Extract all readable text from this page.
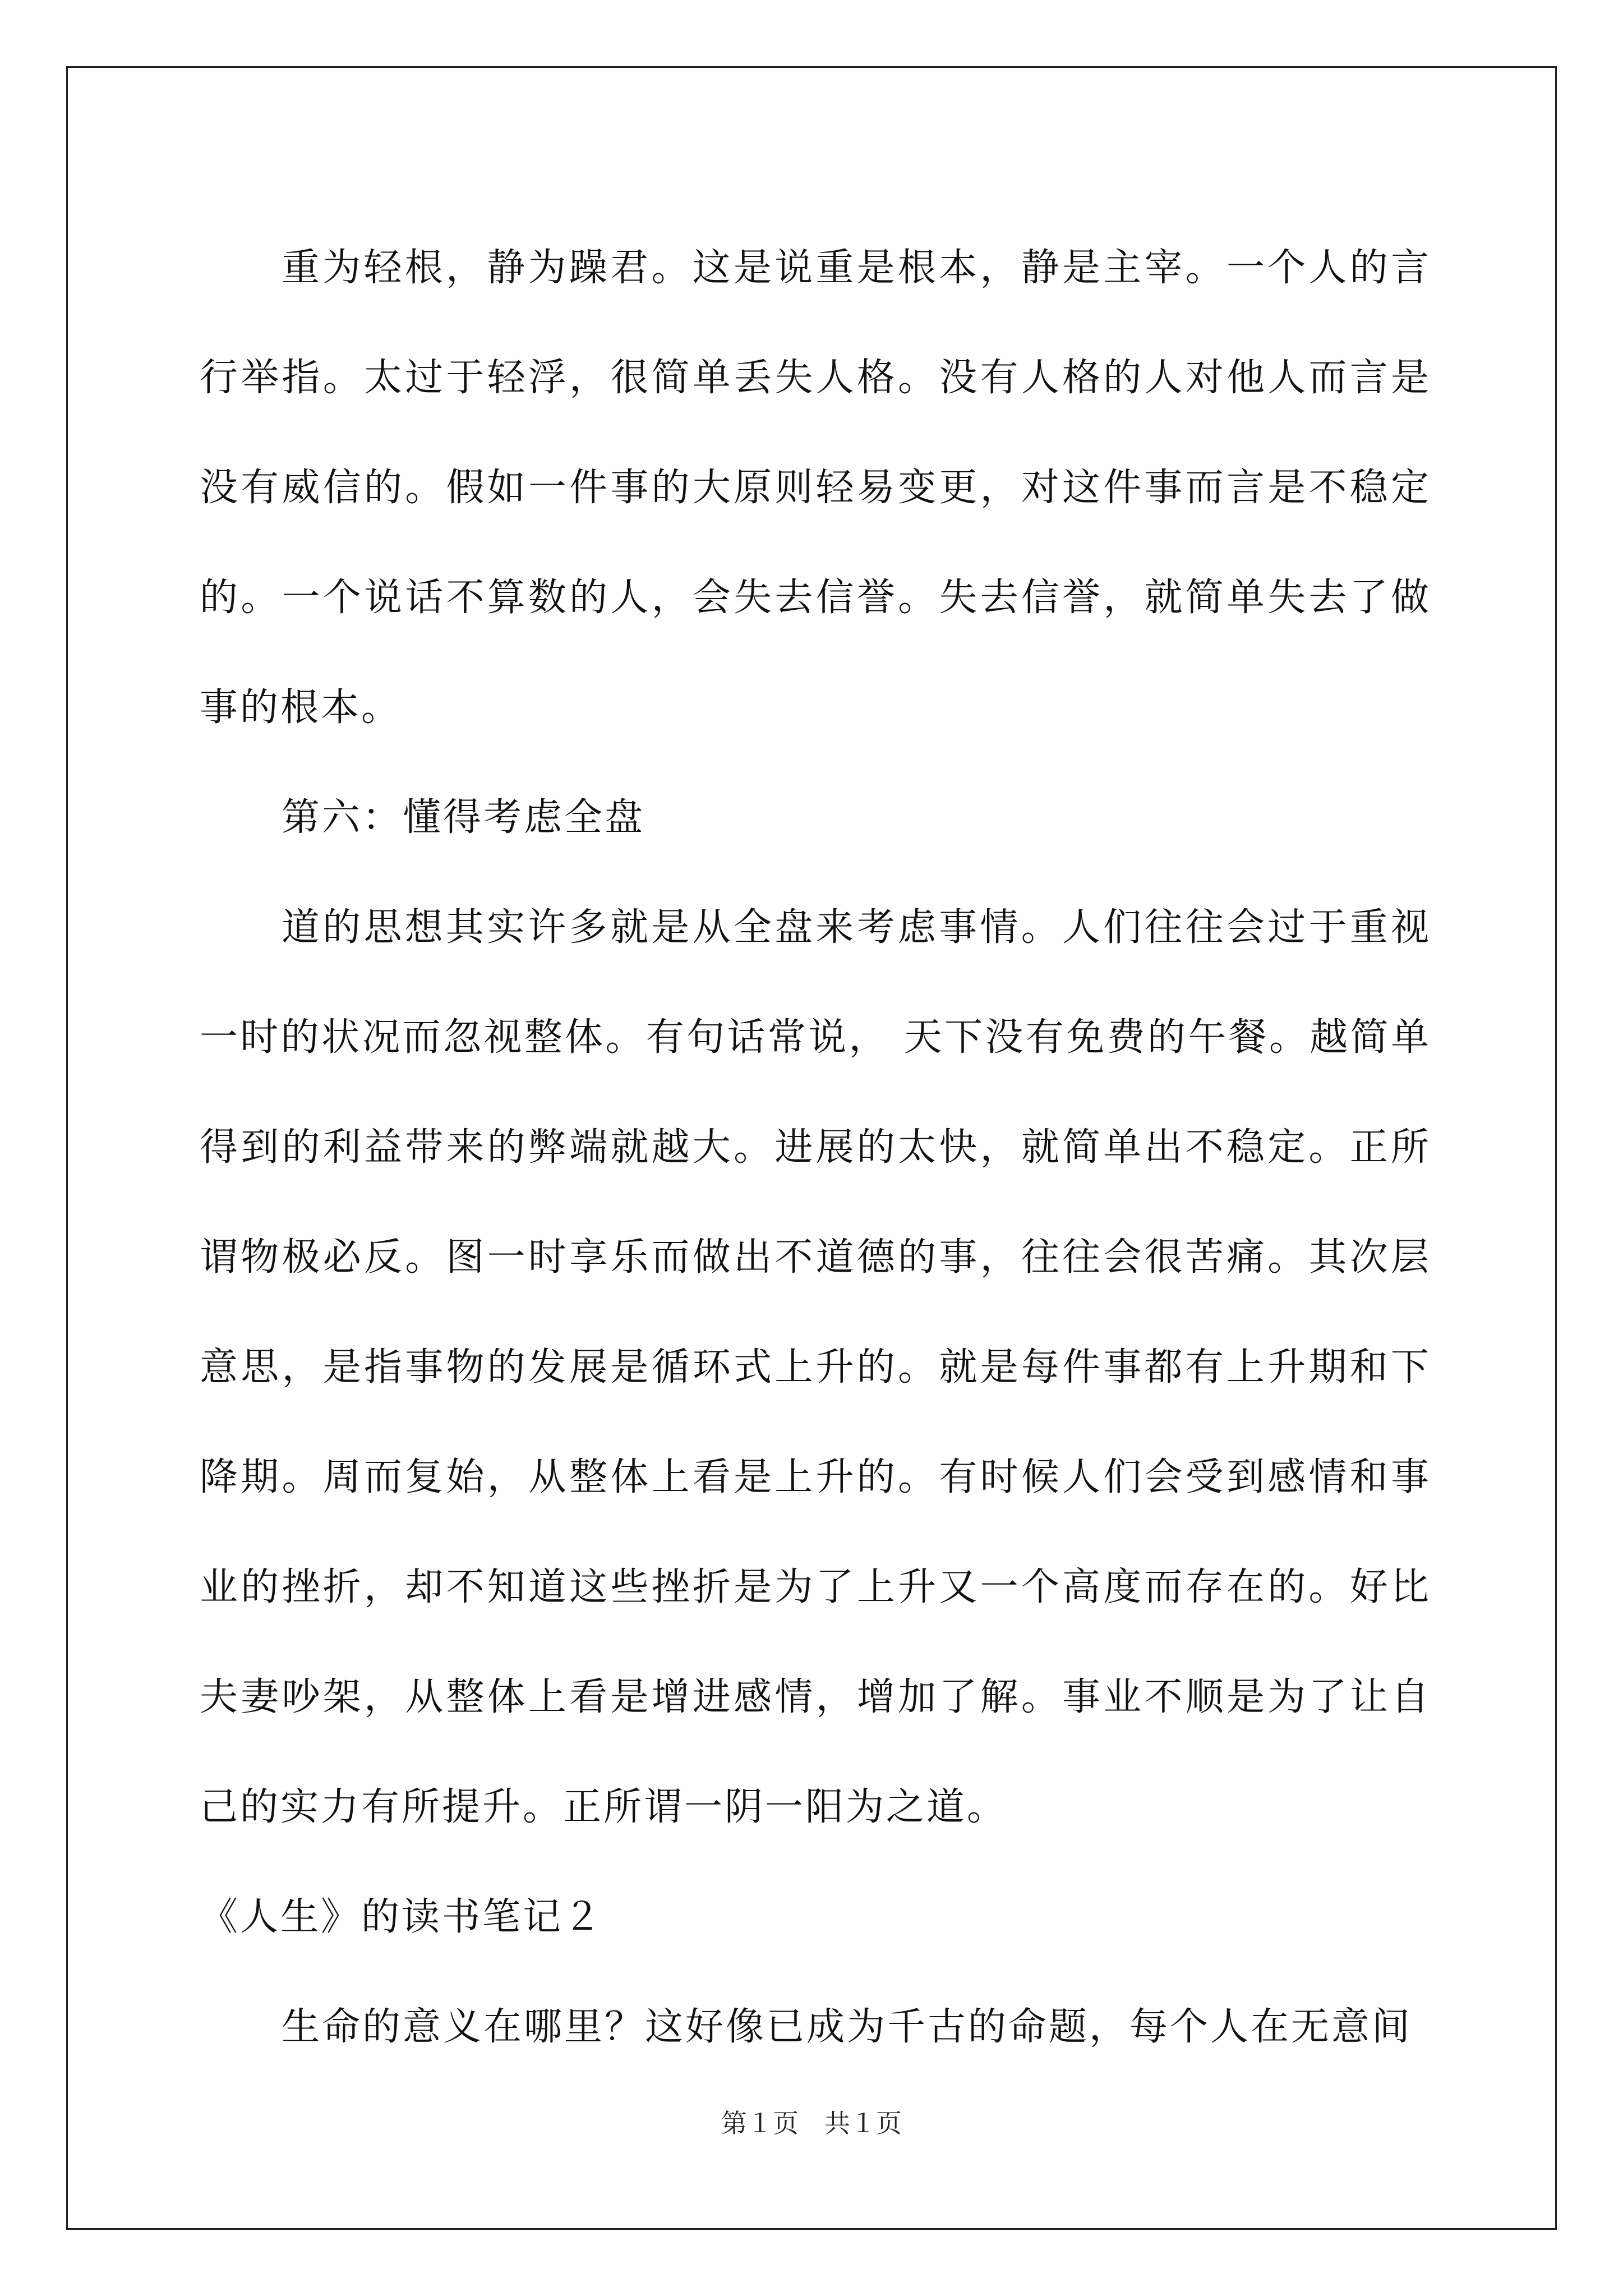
重为轻根，静为躁君。这是说重是根本，静是主宰。一个人的言行举指。太过于轻浮，很简单丢失人格。没有人格的人对他人而言是没有威信的。假如一件事的大原则轻易变更，对这件事而言是不稳定的。一个说话不算数的人，会失去信誉。失去信誉，就简单失去了做事的根本。

第六：懂得考虑全盘

道的思想其实许多就是从全盘来考虑事情。人们往往会过于重视一时的状况而忽视整体。有句话常说， 天下没有免费的午餐。越简单得到的利益带来的弊端就越大。进展的太快，就简单出不稳定。正所谓物极必反。图一时享乐而做出不道德的事，往往会很苦痛。其次层意思，是指事物的发展是循环式上升的。就是每件事都有上升期和下降期。周而复始，从整体上看是上升的。有时候人们会受到感情和事业的挫折，却不知道这些挫折是为了上升又一个高度而存在的。好比夫妻吵架，从整体上看是增进感情，增加了解。事业不顺是为了让自己的实力有所提升。正所谓一阴一阳为之道。

《人生》的读书笔记２

生命的意义在哪里？这好像已成为千古的命题，每个人在无意间

第１页　共１页
